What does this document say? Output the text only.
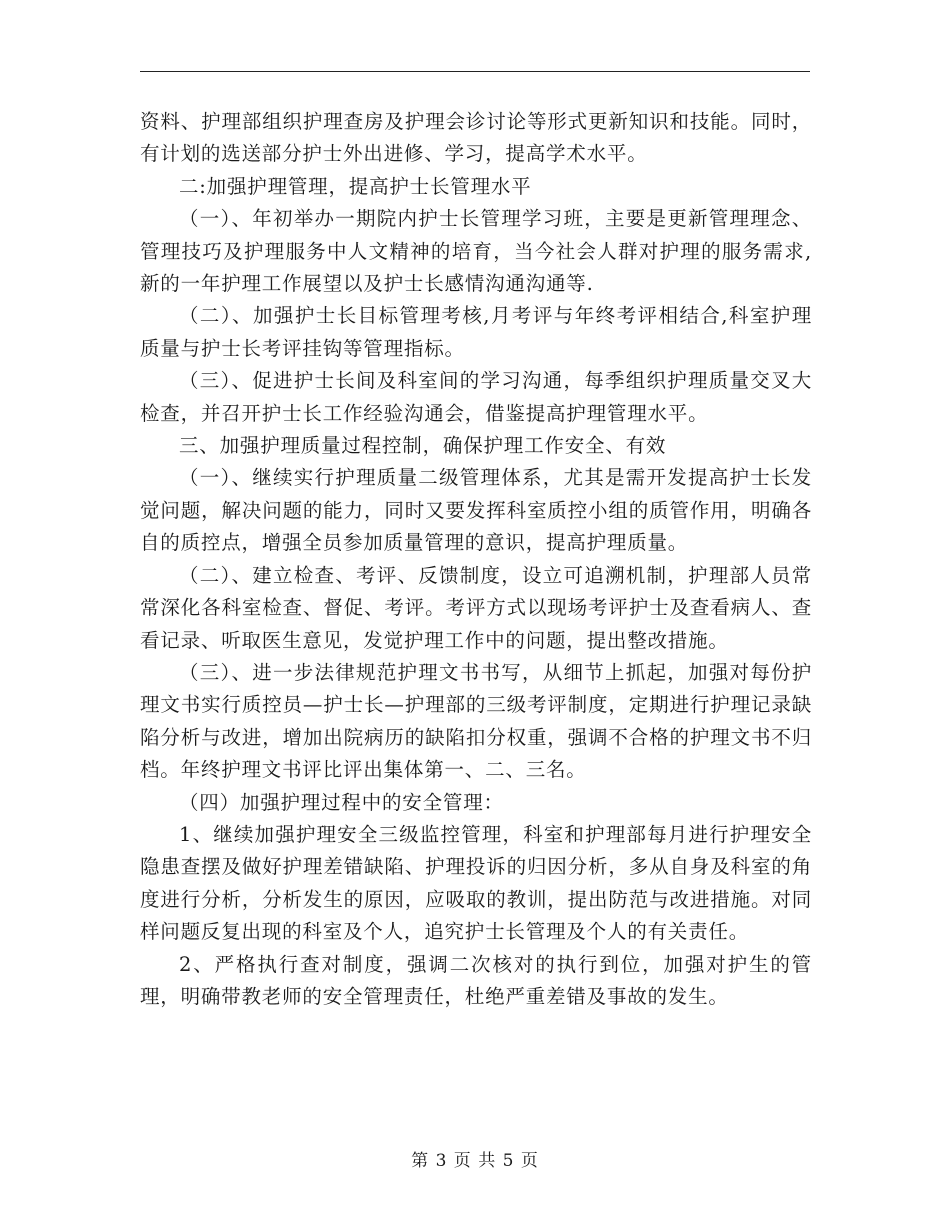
资料、护理部组织护理查房及护理会诊讨论等形式更新知识和技能。同时，有计划的选送部分护士外出进修、学习，提高学术水平。

二:加强护理管理，提高护士长管理水平

（一）、年初举办一期院内护士长管理学习班，主要是更新管理理念、管理技巧及护理服务中人文精神的培育，当今社会人群对护理的服务需求,新的一年护理工作展望以及护士长感情沟通沟通等.

（二）、加强护士长目标管理考核,月考评与年终考评相结合,科室护理质量与护士长考评挂钩等管理指标。

（三）、促进护士长间及科室间的学习沟通，每季组织护理质量交叉大检查，并召开护士长工作经验沟通会，借鉴提高护理管理水平。

三、加强护理质量过程控制，确保护理工作安全、有效

（一）、继续实行护理质量二级管理体系，尤其是需开发提高护士长发觉问题，解决问题的能力，同时又要发挥科室质控小组的质管作用，明确各自的质控点，增强全员参加质量管理的意识，提高护理质量。

（二）、建立检查、考评、反馈制度，设立可追溯机制，护理部人员常常深化各科室检查、督促、考评。考评方式以现场考评护士及查看病人、查看记录、听取医生意见，发觉护理工作中的问题，提出整改措施。

（三）、进一步法律规范护理文书书写，从细节上抓起，加强对每份护理文书实行质控员—护士长—护理部的三级考评制度，定期进行护理记录缺陷分析与改进，增加出院病历的缺陷扣分权重，强调不合格的护理文书不归档。年终护理文书评比评出集体第一、二、三名。

（四）加强护理过程中的安全管理：

1、继续加强护理安全三级监控管理，科室和护理部每月进行护理安全隐患查摆及做好护理差错缺陷、护理投诉的归因分析，多从自身及科室的角度进行分析，分析发生的原因，应吸取的教训，提出防范与改进措施。对同样问题反复出现的科室及个人，追究护士长管理及个人的有关责任。

2、严格执行查对制度，强调二次核对的执行到位，加强对护生的管理，明确带教老师的安全管理责任，杜绝严重差错及事故的发生。

第 3 页 共 5 页
